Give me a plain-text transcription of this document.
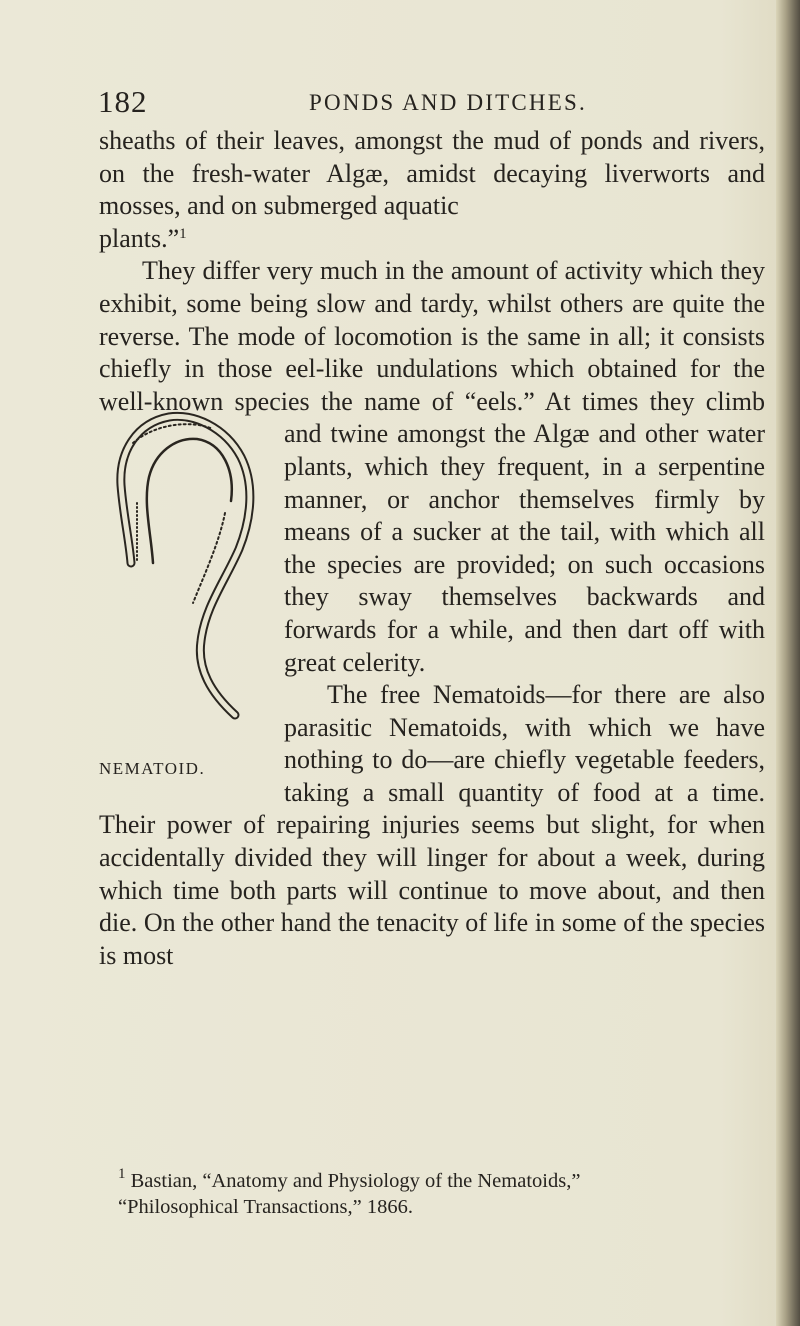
182	PONDS AND DITCHES.

sheaths of their leaves, amongst the mud of ponds and rivers, on the fresh-water Algæ, amidst decaying liverworts and mosses, and on submerged aquatic
plants.”$^1$

They differ very much in the amount of activity which they exhibit, some being slow and tardy, whilst others are quite the reverse. The mode of locomotion is the same in all; it consists chiefly in those eel-like undulations which obtained for the well-known species
NEMATOID.
the name of “eels.” At times they climb and twine amongst the Algæ and other water plants, which they frequent, in a serpentine manner, or anchor themselves firmly by means of a sucker at the tail, with which all the species are provided; on such occasions they sway themselves backwards and forwards for a while, and then dart off with great celerity.

The free Nematoids—for there are also parasitic Nematoids, with which we have nothing to do—are chiefly vegetable feeders, taking a small quantity of food at a time. Their power of repairing injuries seems but slight, for when accidentally divided they will linger for about a week, during which time both parts will continue to move about, and then die. On the other hand the tenacity of life in some of the species is most

$^1$ Bastian, “Anatomy and Physiology of the Nematoids,”

“Philosophical Transactions,” 1866.
